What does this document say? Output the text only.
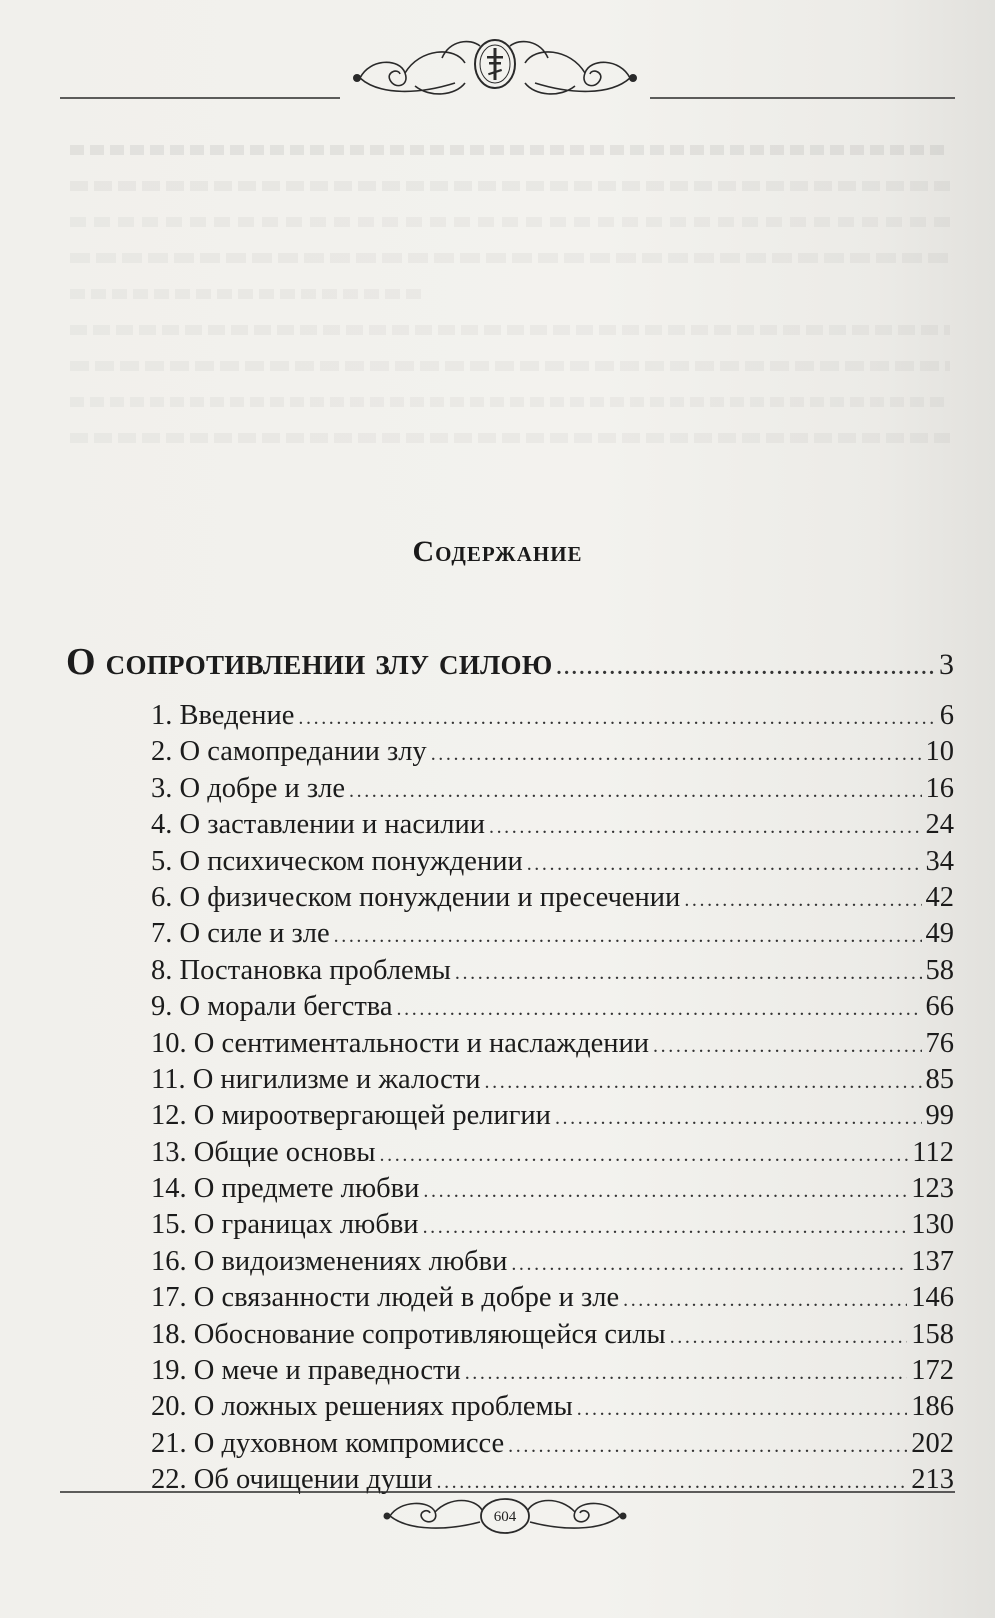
Содержание
О сопротивлении злу силою .....	3
1. Введение .....	6
2. О самопредании злу .....	10
3. О добре и зле .....	16
4. О заставлении и насилии .....	24
5. О психическом понуждении .....	34
6. О физическом понуждении и пресечении .....	42
7. О силе и зле .....	49
8. Постановка проблемы .....	58
9. О морали бегства .....	66
10. О сентиментальности и наслаждении .....	76
11. О нигилизме и жалости .....	85
12. О мироотвергающей религии .....	99
13. Общие основы .....	112
14. О предмете любви .....	123
15. О границах любви .....	130
16. О видоизменениях любви .....	137
17. О связанности людей в добре и зле .....	146
18. Обоснование сопротивляющейся силы .....	158
19. О мече и праведности .....	172
20. О ложных решениях проблемы .....	186
21. О духовном компромиссе .....	202
22. Об очищении души .....	213
604
